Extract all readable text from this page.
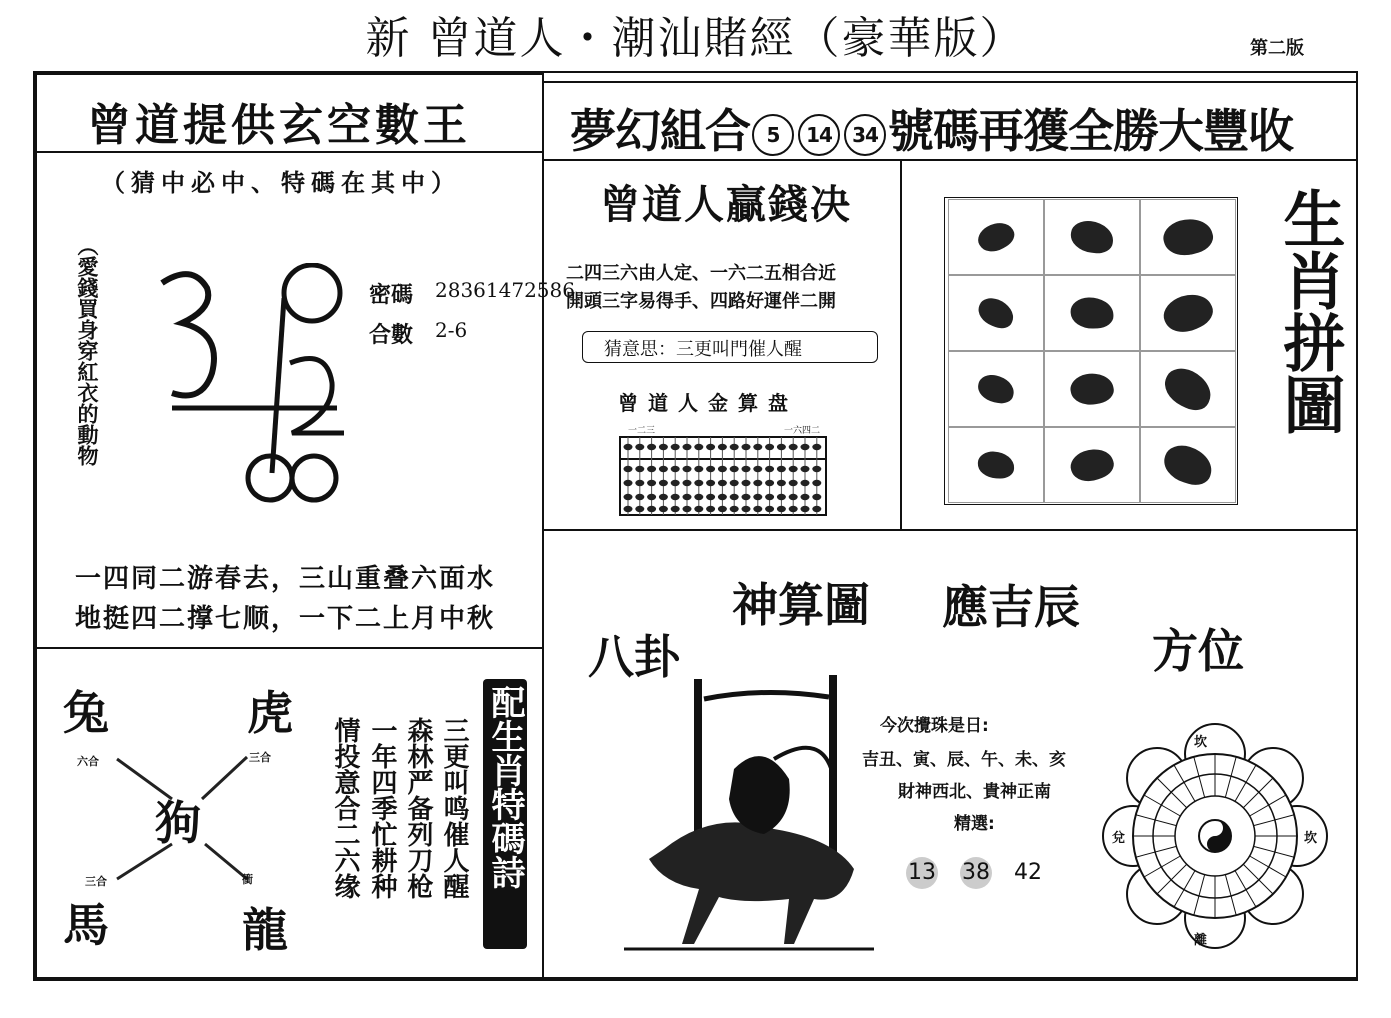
新 曾道人・潮汕賭經（豪華版）	第二版
曾道提供玄空數王
（猜中必中、特碼在其中）
（愛錢買身穿紅衣的動物	密碼 28361472586
合數 2-6
一四同二游春去，三山重叠六面水
地挺四二撑七顺，一下二上月中秋
兔	虎
狗
馬	龍
六合	三合
三合	衝	三更叫鸣催人醒
森林严备列刀枪
一年四季忙耕种
情投意合二六缘	配生肖特碼詩
夢幻組合 5 14 34 號碼再獲全勝大豐收
曾道人贏錢决
二四三六由人定、一六二五相合近
開頭三字易得手、四路好運伴二開
猜意思：三更叫門催人醒
曾道人金算盘
一二三	一六四二	生肖拼圖
八卦
神算圖 應吉辰
方位
今次攪珠是日:
吉丑、寅、辰、午、未、亥
財神西北、貴神正南
精選:
13 38 42
坎
坎
離
兌
